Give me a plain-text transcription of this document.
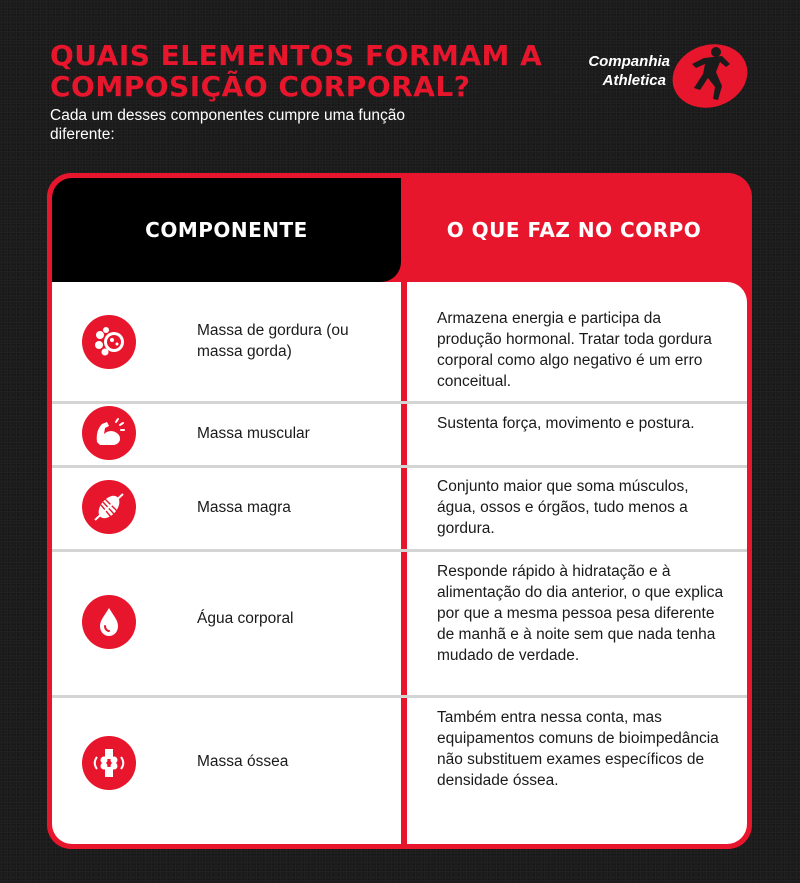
QUAIS ELEMENTOS FORMAM A COMPOSIÇÃO CORPORAL?

Cada um desses componentes cumpre uma função diferente:

Companhia
Athletica
COMPONENTE	O QUE FAZ NO CORPO

Massa de gordura (ou massa gorda)

Armazena energia e participa da produção hormonal. Tratar toda gordura corporal como algo negativo é um erro conceitual.

Massa muscular

Sustenta força, movimento e postura.

Massa magra

Conjunto maior que soma músculos, água, ossos e órgãos, tudo menos a gordura.

Água corporal

Responde rápido à hidratação e à alimentação do dia anterior, o que explica por que a mesma pessoa pesa diferente de manhã e à noite sem que nada tenha mudado de verdade.

Massa óssea

Também entra nessa conta, mas equipamentos comuns de bioimpedância não substituem exames específicos de densidade óssea.
